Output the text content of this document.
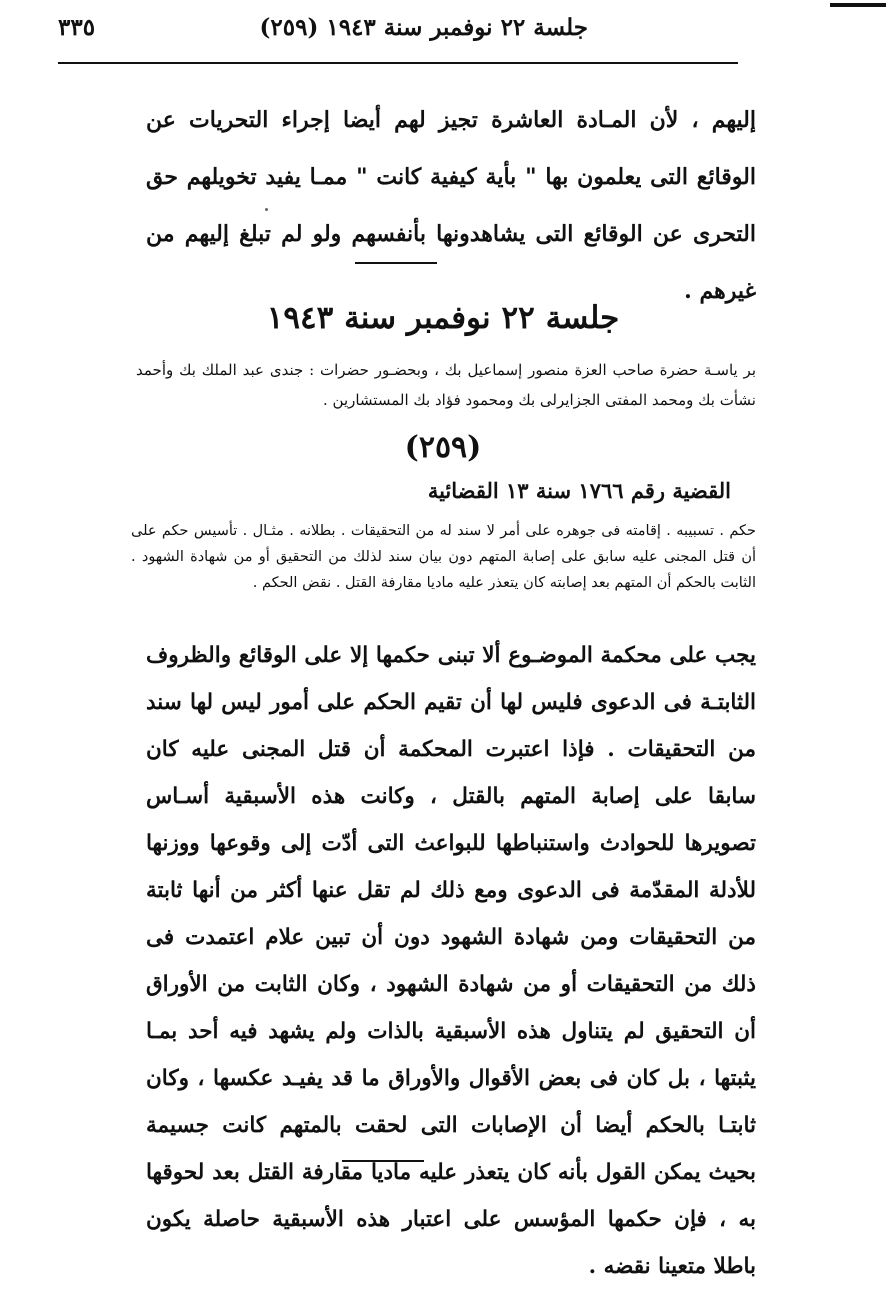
جلسة ٢٢ نوفمبر سنة ١٩٤٣ (٢٥٩)
٣٣٥
إليهم ، لأن المـادة العاشرة تجيز لهم أيضا إجراء التحريات عن الوقائع التى يعلمون بها " بأية كيفية كانت " ممـا يفيد تخويلهم حق التحرى عن الوقائع التى يشاهدونها بأنفسهم ولو لم تبلغ إليهم من غيرهم .
جلسة ٢٢ نوفمبر سنة ١٩٤٣
بر ياسـة حضرة صاحب العزة منصور إسماعيل بك ، وبحضـور حضرات : جندى عبد الملك بك وأحمد نشأت بك ومحمد المفتى الجزايرلى بك ومحمود فؤاد بك المستشارين .
(٢٥٩)
القضية رقم ١٧٦٦ سنة ١٣ القضائية
حكم . تسبيبه . إقامته فى جوهره على أمر لا سند له من التحقيقات . بطلانه . مثـال . تأسيس حكم على أن قتل المجنى عليه سابق على إصابة المتهم دون بيان سند لذلك من التحقيق أو من شهادة الشهود . الثابت بالحكم أن المتهم بعد إصابته كان يتعذر عليه ماديا مقارفة القتل . نقض الحكم .
يجب على محكمة الموضـوع ألا تبنى حكمها إلا على الوقائع والظروف الثابتـة فى الدعوى فليس لها أن تقيم الحكم على أمور ليس لها سند من التحقيقات . فإذا اعتبرت المحكمة أن قتل المجنى عليه كان سابقا على إصابة المتهم بالقتل ، وكانت هذه الأسبقية أسـاس تصويرها للحوادث واستنباطها للبواعث التى أدّت إلى وقوعها ووزنها للأدلة المقدّمة فى الدعوى ومع ذلك لم تقل عنها أكثر من أنها ثابتة من التحقيقات ومن شهادة الشهود دون أن تبين علام اعتمدت فى ذلك من التحقيقات أو من شهادة الشهود ، وكان الثابت من الأوراق أن التحقيق لم يتناول هذه الأسبقية بالذات ولم يشهد فيه أحد بمـا يثبتها ، بل كان فى بعض الأقوال والأوراق ما قد يفيـد عكسها ، وكان ثابتـا بالحكم أيضا أن الإصابات التى لحقت بالمتهم كانت جسيمة بحيث يمكن القول بأنه كان يتعذر عليه ماديا مقارفة القتل بعد لحوقها به ، فإن حكمها المؤسس على اعتبار هذه الأسبقية حاصلة يكون باطلا متعينا نقضه .
